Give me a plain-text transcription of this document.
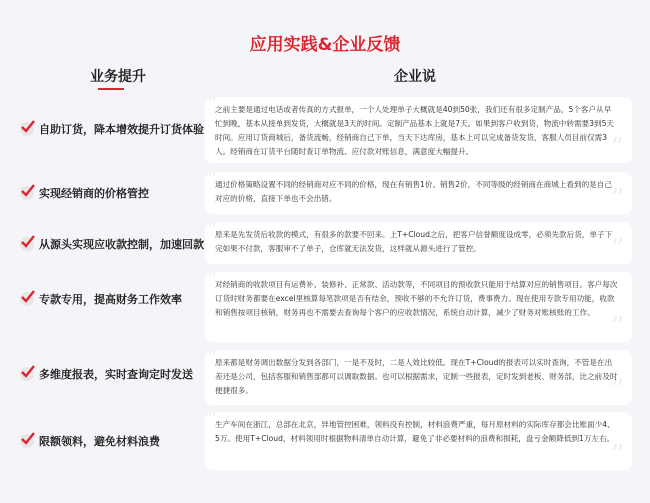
应用实践&企业反馈
业务提升	企业说
自助订货，降本增效提升订货体验
“
”
之前主要是通过电话或者传真的方式报单，一个人处理单子大概就是40到50张，我们还有很多定制产品，5个客户从早忙到晚，基本从接单到发货，大概就是3天的时间。定制产品基本上就是7天。如果到客户收到货，物流中转需要3到5天时间。应用订货商城后，备货流畅，经销商自己下单，当天下达库房，基本上可以完成备货发货，客服人员目前仅需3人。经销商在订货平台随时查订单物流、应付款对账信息，满意度大幅提升。
实现经销商的价格管控
“
”
通过价格策略设置不同的经销商对应不同的价格，现在有销售1价、销售2价，不同等级的经销商在商城上看到的是自己对应的价格，直接下单也不会出错。
从源头实现应收款控制，加速回款
“
”
原来是先发货后收款的模式，有很多的款要不回来。上T+Cloud之后，把客户信誉额度设成零，必须先款后货，单子下完如果不付款，客服审不了单子，仓库就无法发货，这样就从源头进行了管控。
专款专用，提高财务工作效率
“
”
对经销商的收款项目有运费补、装修补、正常款、活动款等，不同项目的预收款只能用于结算对应的销售项目。客户每次订货时财务都要在excel里核算每笔款项是否有结余，预收不够的不允许订货，费事费力。现在使用专款专用功能，收款和销售按项目核销，财务再也不需要去查询每个客户的应收款情况，系统自动计算，减少了财务对账核账的工作。
多维度报表，实时查询定时发送
“
”
原来都是财务调出数据分发到各部门，一是不及时，二是人效比较低。现在T+Cloud的报表可以实时查询，不管是在出差还是公司，包括客服和销售部都可以调取数据。也可以根据需求，定制一些报表，定时发到老板、财务部，比之前及时便捷很多。
限额领料，避免材料浪费
“
”
生产车间在浙江，总部在北京，异地管控困难，领料没有控制，材料浪费严重，每月原材料的实际库存都会比账面少4、5万。使用T+Cloud，材料领用时根据物料清单自动计算，避免了非必要材料的浪费和损耗，盘亏金额降低到1万左右。
